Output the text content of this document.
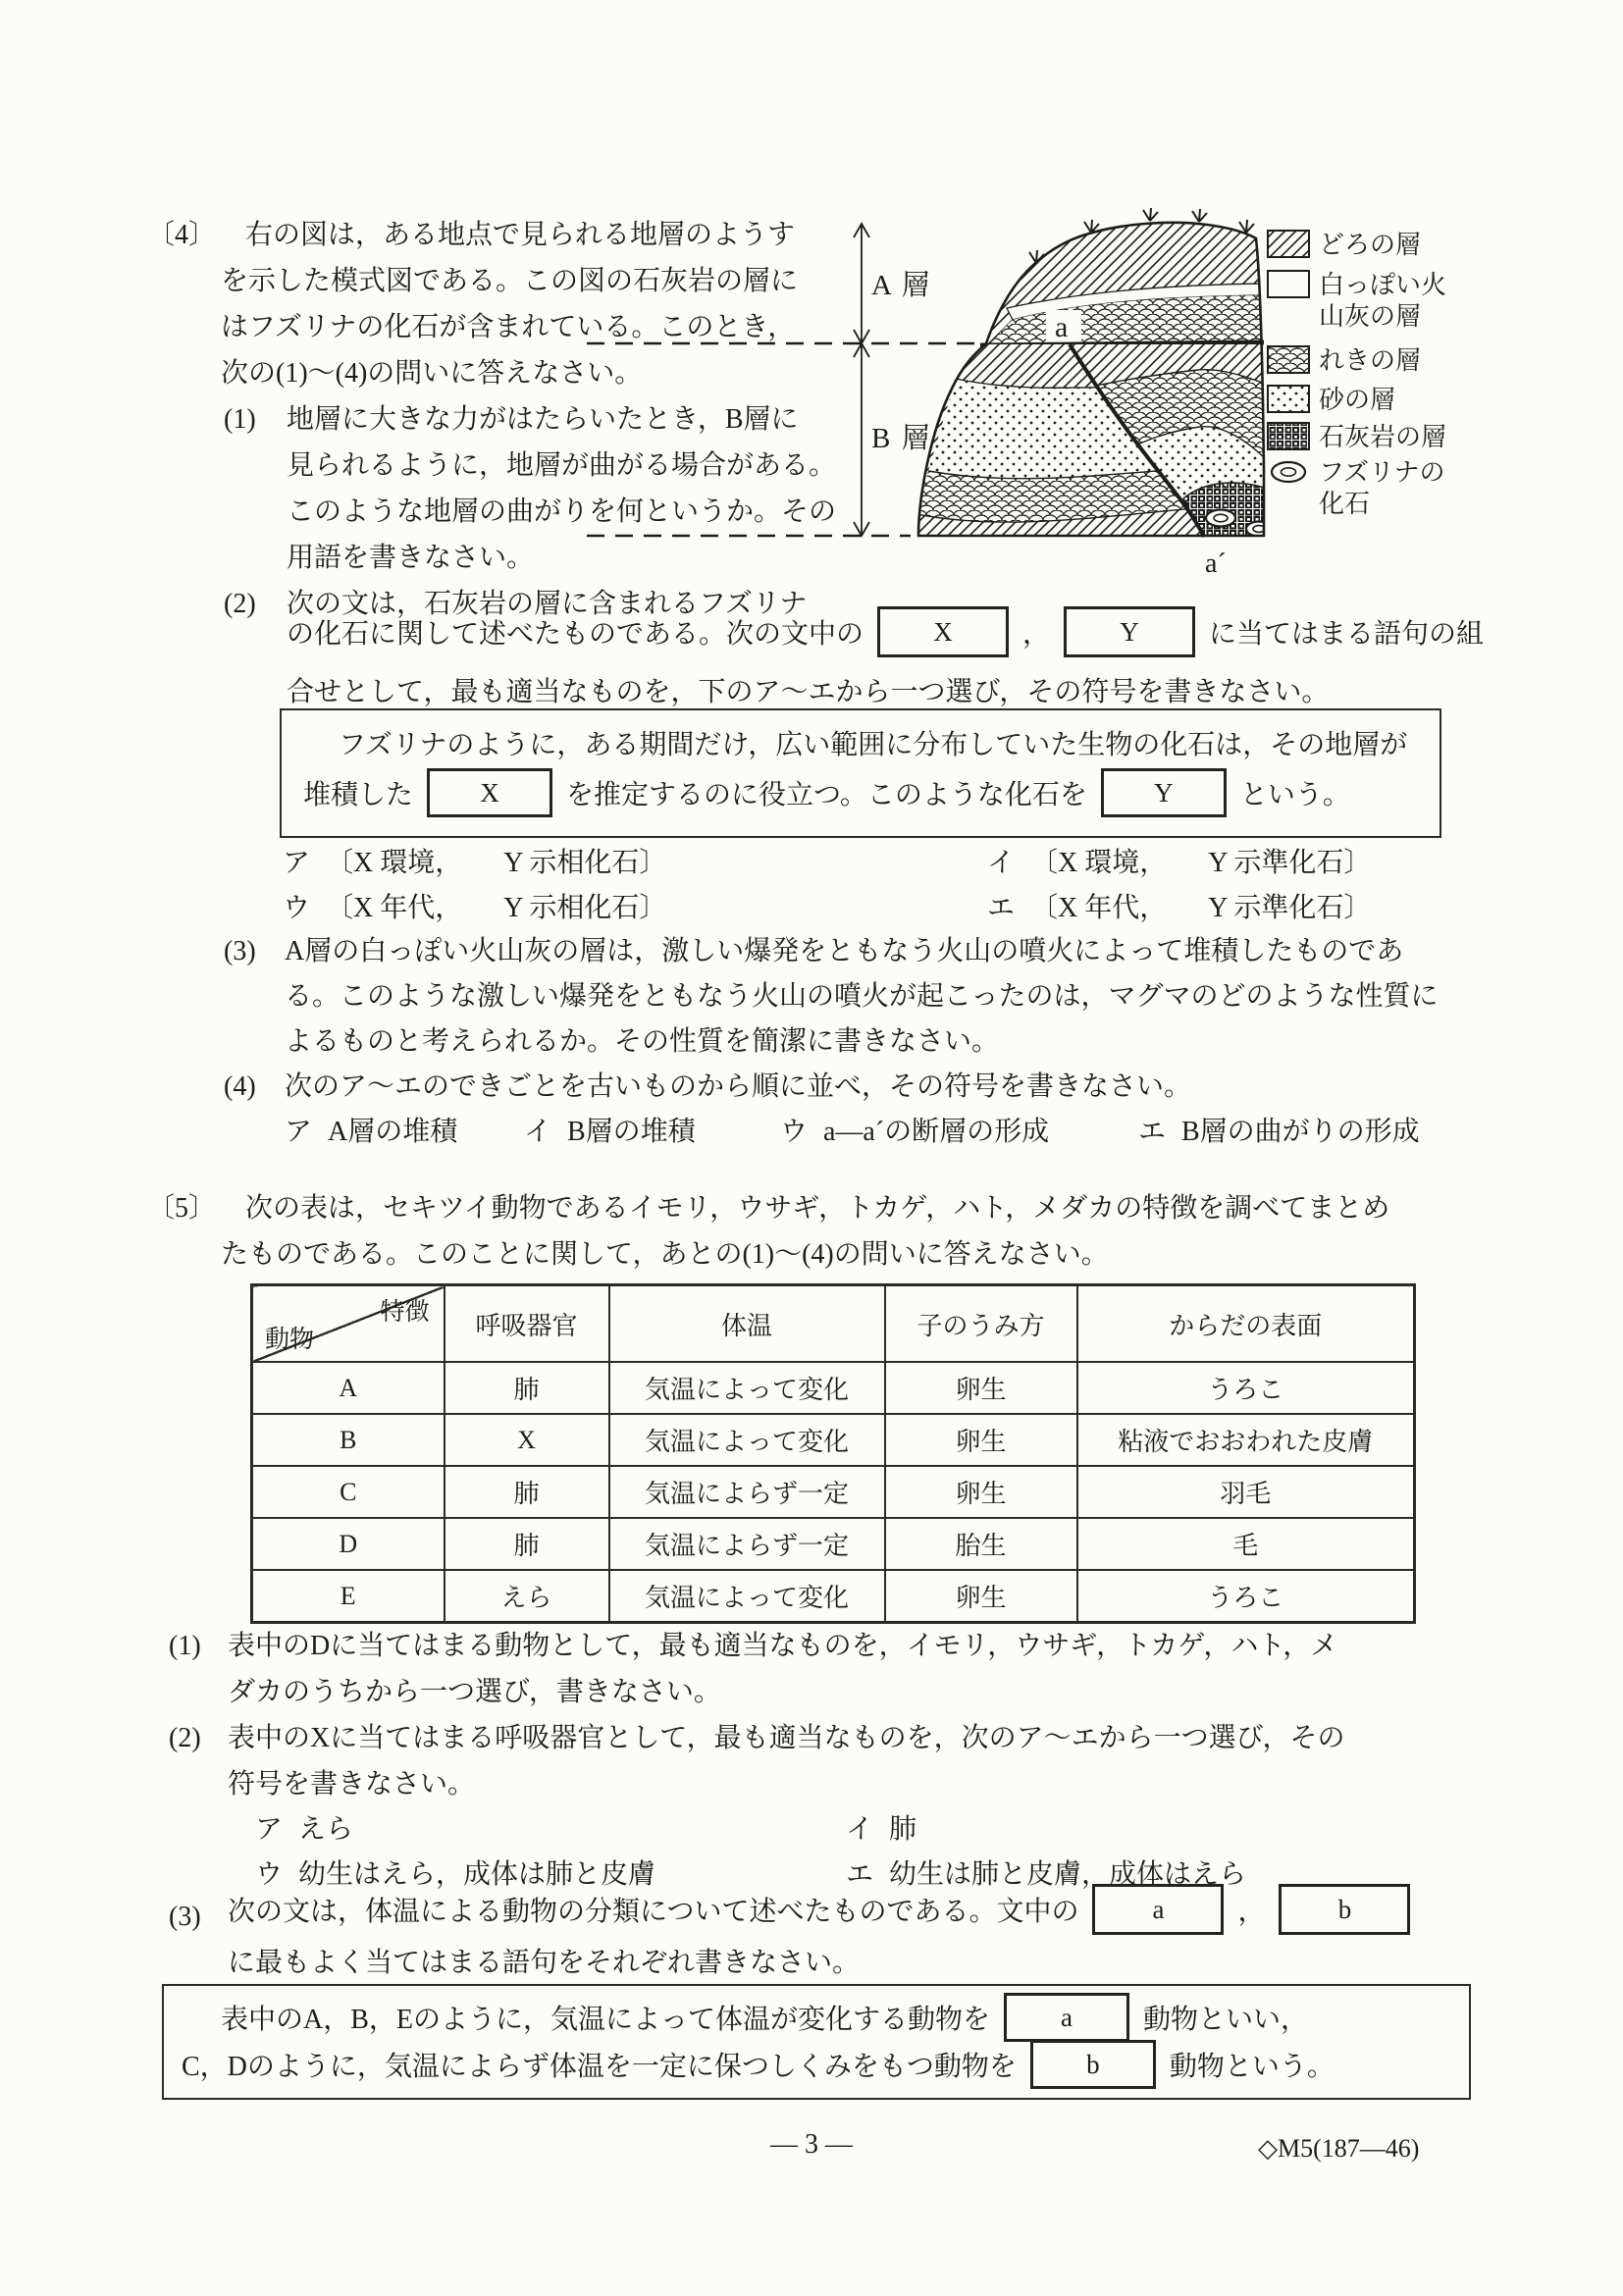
〔4〕 右の図は，ある地点で見られる地層のようす
を示した模式図である。この図の石灰岩の層に
はフズリナの化石が含まれている。このとき，
次の(1)～(4)の問いに答えなさい。
(1) 地層に大きな力がはたらいたとき，B層に
見られるように，地層が曲がる場合がある。
このような地層の曲がりを何というか。その
用語を書きなさい。
(2) 次の文は，石灰岩の層に含まれるフズリナ
の化石に関して述べたものである。次の文中の	X	，	Y	に当てはまる語句の組
合せとして，最も適当なものを，下のア～エから一つ選び，その符号を書きなさい。
フズリナのように，ある期間だけ，広い範囲に分布していた生物の化石は，その地層が
堆積した	X	を推定するのに役立つ。このような化石を	Y	という。
ア 〔X 環境，　　Y 示相化石〕	イ 〔X 環境，　　Y 示準化石〕
ウ 〔X 年代，　　Y 示相化石〕	エ 〔X 年代，　　Y 示準化石〕
(3) A層の白っぽい火山灰の層は，激しい爆発をともなう火山の噴火によって堆積したものであ
る。このような激しい爆発をともなう火山の噴火が起こったのは，マグマのどのような性質に
よるものと考えられるか。その性質を簡潔に書きなさい。
(4) 次のア～エのできごとを古いものから順に並べ，その符号を書きなさい。
ア A層の堆積 イ B層の堆積	ウ a—a´の断層の形成	エ B層の曲がりの形成
a
A 層
B 層
a´
どろの層
白っぽい火
山灰の層
れきの層
砂の層
石灰岩の層
フズリナの
化石
〔5〕 次の表は，セキツイ動物であるイモリ，ウサギ，トカゲ，ハト，メダカの特徴を調べてまとめ
たものである。このことに関して，あとの(1)～(4)の問いに答えなさい。
特徴
動物	呼吸器官	体温	子のうみ方	からだの表面
A	肺	気温によって変化	卵生	うろこ
B	X	気温によって変化	卵生	粘液でおおわれた皮膚
C	肺	気温によらず一定	卵生	羽毛
D	肺	気温によらず一定	胎生	毛
E	えら	気温によって変化	卵生	うろこ
(1) 表中のDに当てはまる動物として，最も適当なものを，イモリ，ウサギ，トカゲ，ハト，メ
ダカのうちから一つ選び，書きなさい。
(2) 表中のXに当てはまる呼吸器官として，最も適当なものを，次のア～エから一つ選び，その
符号を書きなさい。
ア えら	イ 肺
ウ 幼生はえら，成体は肺と皮膚	エ 幼生は肺と皮膚，成体はえら
(3) 次の文は，体温による動物の分類について述べたものである。文中の	a	，	b
に最もよく当てはまる語句をそれぞれ書きなさい。
表中のA，B，Eのように，気温によって体温が変化する動物を	a	動物といい，
C，Dのように，気温によらず体温を一定に保つしくみをもつ動物を	b	動物という。
— 3 —	◇M5(187—46)
